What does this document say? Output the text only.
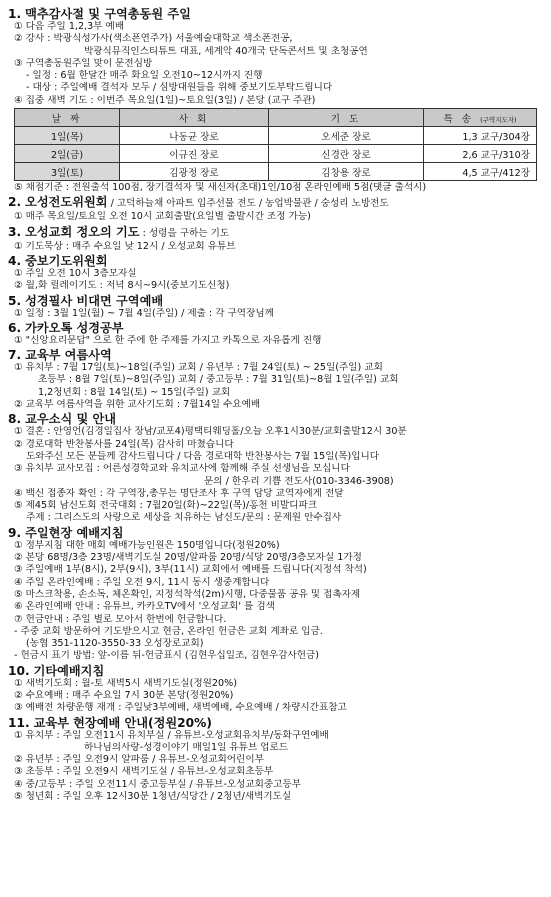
1. 맥추감사절 및 구역총동원 주일
① 다음 주일 1,2,3부 예배
② 강사 : 박광식성가사(색소폰연주가) 서울예술대학교 색소폰전공,
박광식뮤직인스티튜트 대표, 세계악 40개국 단독콘서트 및 초청공연
③ 구역총동원주일 맞이 문전심방
- 일정 : 6월 한달간 매주 화요일 오전10~12시까지 진행
- 대상 : 주일예배 결석자 모두 / 심방대원들을 위해 중보기도부탁드립니다
④ 집중 새벽 기도 : 이번주 목요일(1일)~토요일(3일) / 본당 (교구 주관)
날 짜	사 회	기 도	특 송 (구역지도자)
1일(목)	나동균 장로	오세준 장로	1,3 교구/304장
2일(금)	이규진 장로	신경란 장로	2,6 교구/310장
3일(토)	김광정 장로	김창용 장로	4,5 교구/412장
⑤ 채점기준 : 전원출석 100점, 장기결석자 및 새신자(초대)1인/10점 온라인예배 5점(댓글 출석시)
2. 오성전도위원회 / 고덕하늘채 아파트 입주선물 전도 / 농업박물관 / 숭성리 노방전도
① 매주 목요일/토요일 오전 10시 교회출발(요일별 출발시간 조정 가능)
3. 오성교회 정오의 기도 : 성령을 구하는 기도
① 기도묵상 : 매주 수요일 낮 12시 / 오성교회 유튜브
4. 중보기도위원회
① 주일 오전 10시 3층모자실
② 월,화 릴레이기도 : 저녁 8시~9시(중보기도신청)
5. 성경필사 비대면 구역예배
① 일정 : 3월 1일(월) ~ 7월 4일(주일) / 제출 : 각 구역장님께
6. 가카오톡 성경공부
① "신앙요리문답" 으로 한 주에 한 주제를 가지고 카톡으로 자유롭게 진행
7. 교육부 여름사역
① 유치부 : 7월 17일(토)~18일(주일) 교회 / 유년부 : 7월 24일(토) ~ 25일(주일) 교회
초등부 : 8월 7일(토)~8일(주일) 교회 / 중고등부 : 7월 31일(토)~8월 1일(주일) 교회
1,2청년회 : 8월 14일(토) ~ 15일(주일) 교회
② 교육부 여름사역을 위한 교사기도회 : 7월14일 수요예배
8. 교우소식 및 안내
① 결혼 : 안영언(김경일집사 장남/교포4)평택티웨딩홀/오늘 오후1시30분/교회출발12시 30분
② 경로대학 반찬봉사를 24일(목) 감사히 마쳤습니다
도와주신 모든 분들께 감사드립니다 / 다음 경로대학 반찬봉사는 7월 15일(목)입니다
③ 유치부 교사모집 : 어른성경학교와 유치교사에 함께해 주실 선생님을 모십니다
문의 / 한우리 기쁨 전도사(010-3346-3908)
④ 백신 접종자 확인 : 각 구역장,총무는 명단조사 후 구역 담당 교역자에게 전달
⑤ 제45회 남신도회 전국대회 : 7월20일(화)~22일(목)/홍천 비발디파크
주제 : 그리스도의 사랑으로 세상을 치유하는 남신도/문의 : 문제원 안수집사
9. 주일현장 예배지침
① 정부지침 대한 매회 예배가능인원은 150명입니다(정원20%)
② 본당 68명/3층 23명/새벽기도실 20명/알파룸 20명/식당 20명/3층모자실 1가정
③ 주일예배 1부(8시), 2부(9시), 3부(11시) 교회에서 예배를 드립니다(지정석 착석)
④ 주일 온라인예배 : 주일 오전 9시, 11시 동시 생중계합니다
⑤ 마스크착용, 손소독, 체온확인, 지정석착석(2m)시행, 다중물품 공유 및 접촉자제
⑥ 온라인예배 안내 : 유튜브, 카카오TV에서 '오성교회' 를 검색
⑦ 헌금안내 : 주일 별로 모아서 한번에 헌금합니다.
- 주중 교회 방문하여 기도받으시고 현금, 온라인 헌금은 교회 계좌로 입금.
(농협 351-1120-3550-33 오성장로교회)
- 헌금시 표기 방법: 앞-이름 뒤-헌금표시 (김현우십일조, 김현우감사헌금)
10. 기타예배지침
① 새벽기도회 : 월-토 새벽5시 새벽기도실(정원20%)
② 수요예배 : 매주 수요일 7시 30분 본당(정원20%)
③ 예배전 차량운행 재개 : 주일낮3부예배, 새벽예배, 수요예배 / 차량시간표참고
11. 교육부 현장예배 안내(정원20%)
① 유치부 : 주일 오전11시 유치부실 / 유튜브-오성교회유치부/동화구연예배
하나님의사랑-성경이야기 매일1일 유튜브 업로드
② 유년부 : 주일 오전9시 알파룸 / 유튜브-오성교회어린이부
③ 초등부 : 주일 오전9시 새벽기도실 / 유튜브-오성교회초등부
④ 중/고등부 : 주일 오전11시 중고등부실 / 유튜브-오성교회중고등부
⑤ 청년회 : 주일 오후 12시30분 1청년/식당간 / 2청년/새벽기도실
